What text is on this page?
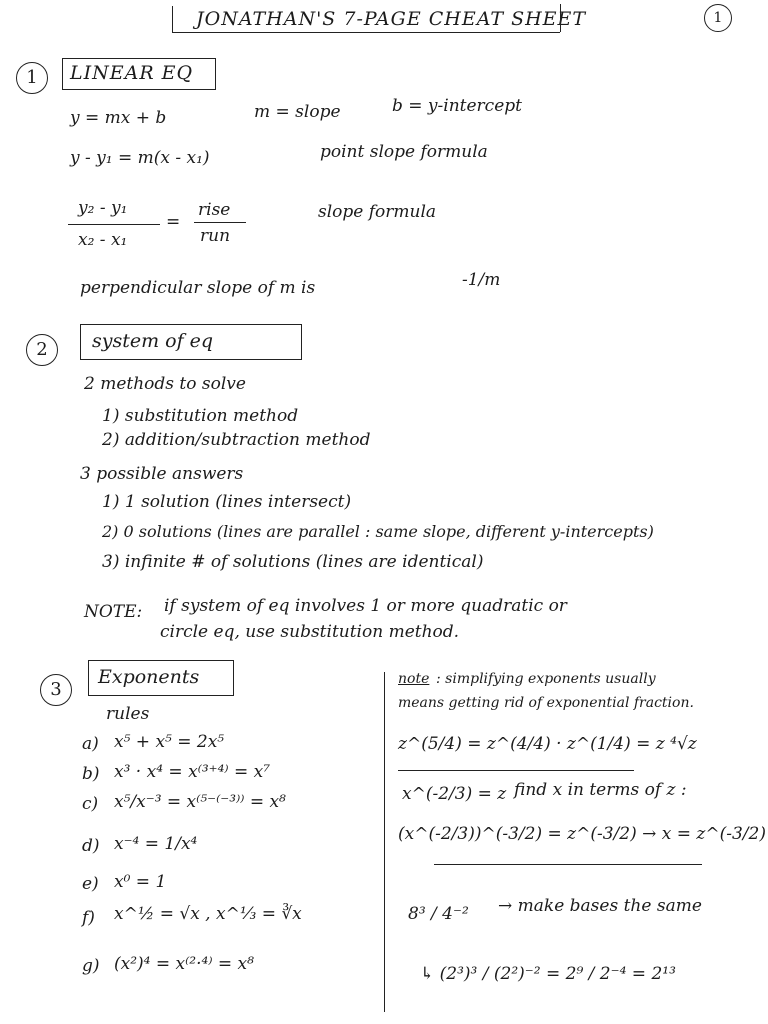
JONATHAN'S 7-PAGE CHEAT SHEET	1
1	LINEAR EQ
y = mx + b	m = slope	b = y-intercept
y - y₁ = m(x - x₁)	point slope formula
y₂ - y₁
x₂ - x₁
=
rise
run
slope formula
perpendicular slope of m is	-1/m
2	system of eq
2 methods to solve
1) substitution method
2) addition/subtraction method
3 possible answers
1) 1 solution (lines intersect)
2) 0 solutions (lines are parallel : same slope, different y-intercepts)
3) infinite # of solutions (lines are identical)
NOTE: if system of eq involves 1 or more quadratic or
circle eq, use substitution method.
3
Exponents
rules
a) x⁵ + x⁵ = 2x⁵
b) x³ · x⁴ = x⁽³⁺⁴⁾ = x⁷
c) x⁵/x⁻³ = x⁽⁵⁻⁽⁻³⁾⁾ = x⁸
d) x⁻⁴ = 1/x⁴
e) x⁰ = 1
f) x^½ = √x , x^⅓ = ∛x
g) (x²)⁴ = x⁽²·⁴⁾ = x⁸
note : simplifying exponents usually
means getting rid of exponential fraction.
z^(5/4) = z^(4/4) · z^(1/4) = z ⁴√z
x^(-2/3) = z find x in terms of z :
(x^(-2/3))^(-3/2) = z^(-3/2) → x = z^(-3/2)
8³ / 4⁻² → make bases the same
↳ (2³)³ / (2²)⁻² = 2⁹ / 2⁻⁴ = 2¹³
